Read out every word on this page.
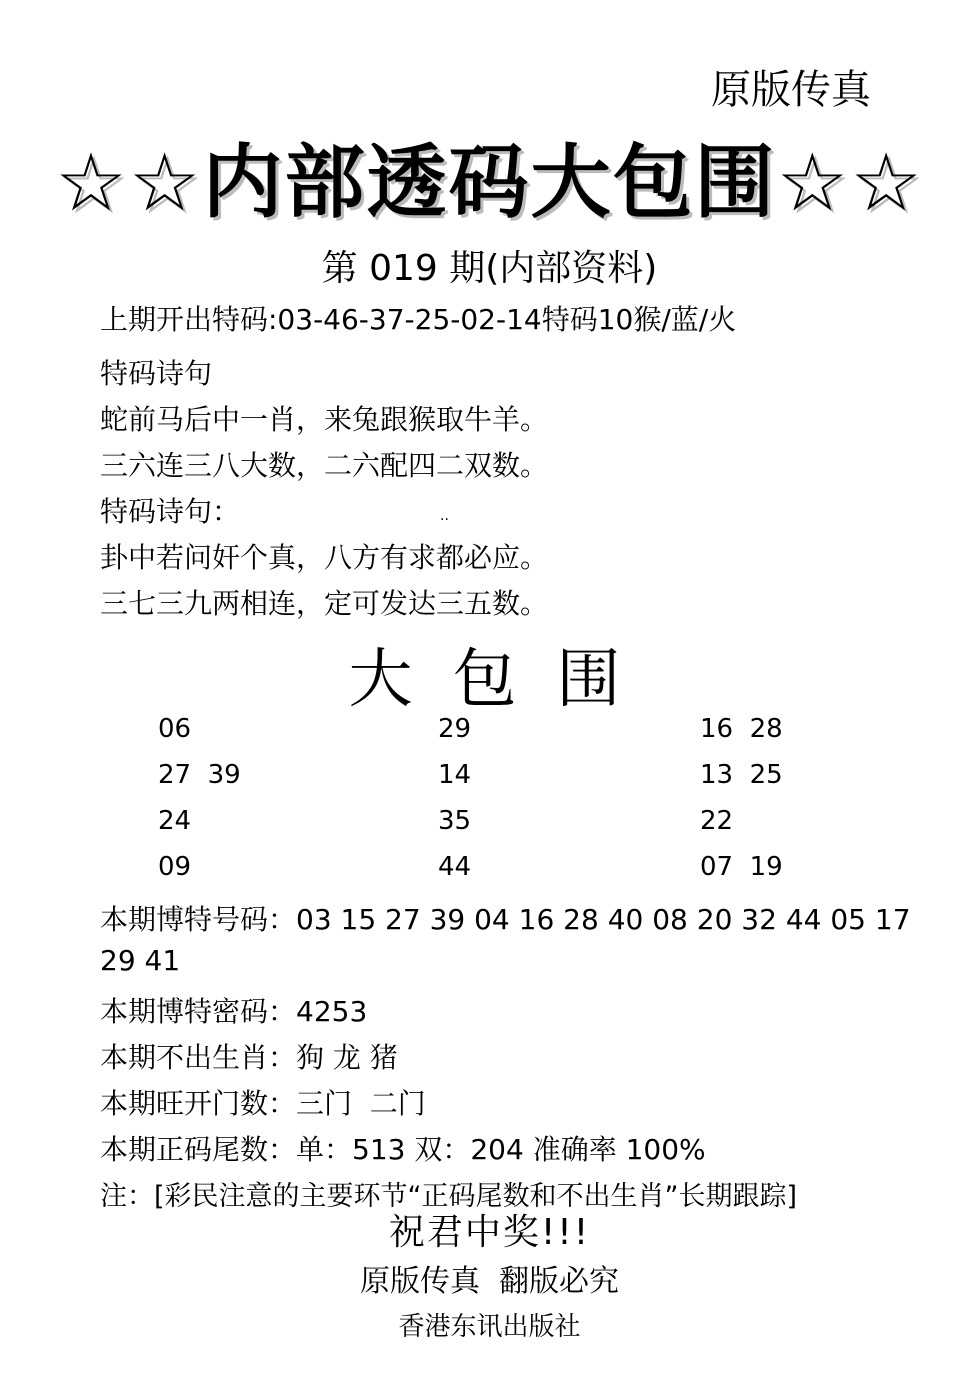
原版传真
☆☆内部透码大包围☆☆
第 019 期(内部资料)
上期开出特码:03-46-37-25-02-14特码10猴/蓝/火
特码诗句
蛇前马后中一肖，来兔跟猴取牛羊。
三六连三八大数，二六配四二双数。
特码诗句：
卦中若问奸个真，八方有求都必应。
三七三九两相连，定可发达三五数。
··
大包围
06
27  39
24
09
29
14
35
44
16  28
13  25
22
07  19
本期博特号码：03 15 27 39 04 16 28 40 08 20 32 44 05 17
29 41
本期博特密码：4253
本期不出生肖：狗 龙 猪
本期旺开门数：三门  二门
本期正码尾数：单：513 双：204 准确率 100%
注：[彩民注意的主要环节“正码尾数和不出生肖”长期跟踪]
祝君中奖!!!
原版传真  翻版必究
香港东讯出版社
